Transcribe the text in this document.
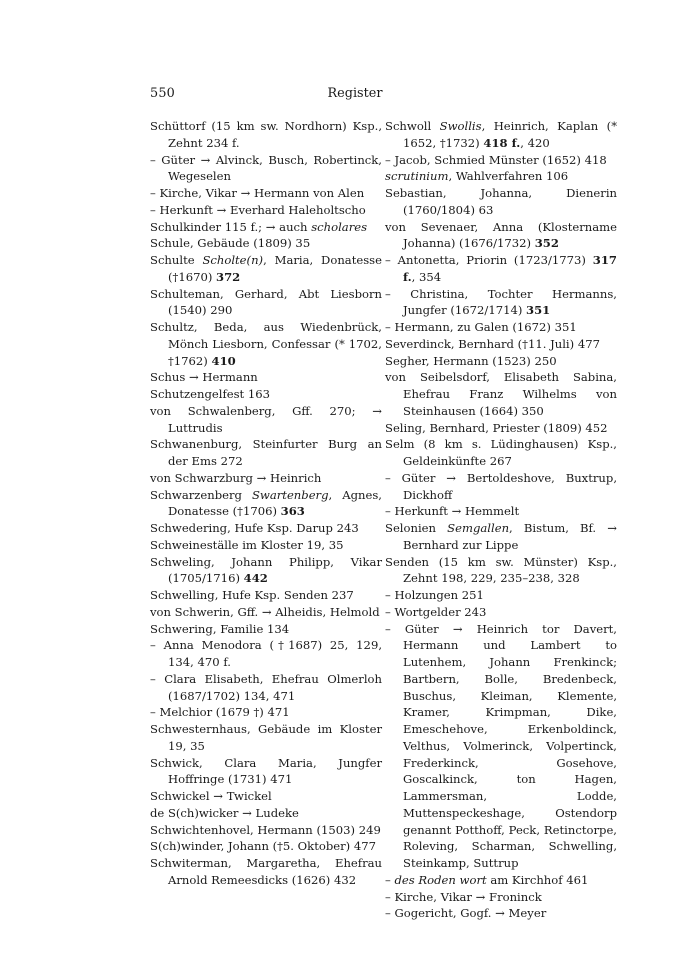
550	Register

Schüttorf (15 km sw. Nordhorn) Ksp., Zehnt 234 f.

– Güter → Alvinck, Busch, Robertinck, Wegeselen

– Kirche, Vikar → Hermann von Alen

– Herkunft → Everhard Haleholtscho

Schulkinder 115 f.; → auch scholares

Schule, Gebäude (1809) 35

Schulte Scholte(n), Maria, Donatesse (†1670) 372

Schulteman, Gerhard, Abt Liesborn (1540) 290

Schultz, Beda, aus Wiedenbrück, Mönch Liesborn, Confessar (* 1702, †1762) 410

Schus → Hermann

Schutzengelfest 163

von Schwalenberg, Gff. 270; → Luttrudis

Schwanenburg, Steinfurter Burg an der Ems 272

von Schwarzburg → Heinrich

Schwarzenberg Swartenberg, Agnes, Donatesse (†1706) 363

Schwedering, Hufe Ksp. Darup 243

Schweineställe im Kloster 19, 35

Schweling, Johann Philipp, Vikar (1705/1716) 442

Schwelling, Hufe Ksp. Senden 237

von Schwerin, Gff. → Alheidis, Helmold

Schwering, Familie 134

– Anna Menodora (†1687) 25, 129, 134, 470 f.

– Clara Elisabeth, Ehefrau Olmerloh (1687/1702) 134, 471

– Melchior (1679 †) 471

Schwesternhaus, Gebäude im Kloster 19, 35

Schwick, Clara Maria, Jungfer Hoffringe (1731) 471

Schwickel → Twickel

de S(ch)wicker → Ludeke

Schwichtenhovel, Hermann (1503) 249

S(ch)winder, Johann (†5. Oktober) 477

Schwiterman, Margaretha, Ehefrau Arnold Remeesdicks (1626) 432

Schwoll Swollis, Heinrich, Kaplan (* 1652, †1732) 418 f., 420

– Jacob, Schmied Münster (1652) 418

scrutinium, Wahlverfahren 106

Sebastian, Johanna, Dienerin (1760/1804) 63

von Sevenaer, Anna (Klostername Johanna) (1676/1732) 352

– Antonetta, Priorin (1723/1773) 317 f., 354

– Christina, Tochter Hermanns, Jungfer (1672/1714) 351

– Hermann, zu Galen (1672) 351

Severdinck, Bernhard (†11. Juli) 477

Segher, Hermann (1523) 250

von Seibelsdorf, Elisabeth Sabina, Ehefrau Franz Wilhelms von Steinhausen (1664) 350

Seling, Bernhard, Priester (1809) 452

Selm (8 km s. Lüdinghausen) Ksp., Geldeinkünfte 267

– Güter → Bertoldeshove, Buxtrup, Dickhoff

– Herkunft → Hemmelt

Selonien Semgallen, Bistum, Bf. → Bernhard zur Lippe

Senden (15 km sw. Münster) Ksp., Zehnt 198, 229, 235–238, 328

– Holzungen 251

– Wortgelder 243

– Güter → Heinrich tor Davert, Hermann und Lambert to Lutenhem, Johann Frenkinck; Bartbern, Bolle, Bredenbeck, Buschus, Kleiman, Klemente, Kramer, Krimpman, Dike, Emeschehove, Erkenboldinck, Velthus, Volmerinck, Volpertinck, Frederkinck, Gosehove, Goscalkinck, ton Hagen, Lammersman, Lodde, Muttenspeckeshage, Ostendorp genannt Potthoff, Peck, Retinctorpe, Roleving, Scharman, Schwelling, Steinkamp, Suttrup

– des Roden wort am Kirchhof 461

– Kirche, Vikar → Froninck

– Gogericht, Gogf. → Meyer
